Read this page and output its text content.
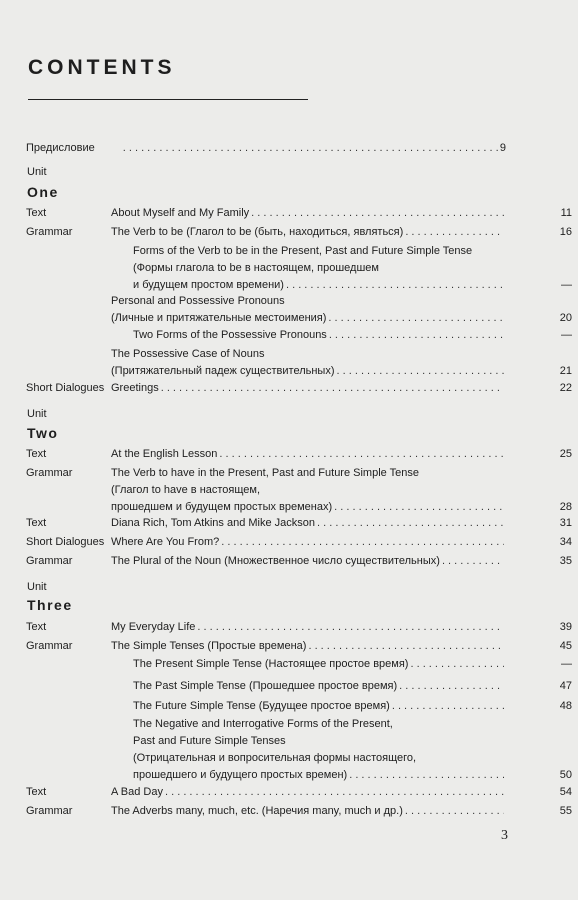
CONTENTS
Предисловие . . .	9
Unit
One
Text	About Myself and My Family . . .	11
Grammar	The Verb to be (Глагол to be (быть, находиться, являться) . . .	16
Forms of the Verb to be in the Present, Past and Future Simple Tense
(Формы глагола to be в настоящем, прошедшем
и будущем простом времени) . . .	—
Personal and Possessive Pronouns
(Личные и притяжательные местоимения) . . .	20
Two Forms of the Possessive Pronouns . . .	—
The Possessive Case of Nouns
(Притяжательный падеж существительных) . . .	21
Short Dialogues Greetings . . .	22
Unit
Two
Text	At the English Lesson . . .	25
Grammar	The Verb to have in the Present, Past and Future Simple Tense
(Глагол to have в настоящем,
прошедшем и будущем простых временах) . . .	28
Text	Diana Rich, Tom Atkins and Mike Jackson . . .	31
Short Dialogues Where Are You From? . . .	34
Grammar	The Plural of the Noun (Множественное число существительных) . . .	35
Unit
Three
Text	My Everyday Life . . .	39
Grammar	The Simple Tenses (Простые времена) . . .	45
The Present Simple Tense (Настоящее простое время) . . .	—
The Past Simple Tense (Прошедшее простое время) . . .	47
The Future Simple Tense (Будущее простое время) . . .	48
The Negative and Interrogative Forms of the Present,
Past and Future Simple Tenses
(Отрицательная и вопросительная формы настоящего,
прошедшего и будущего простых времен) . . .	50
Text	A Bad Day . . .	54
Grammar	The Adverbs many, much, etc. (Наречия many, much и др.) . . .	55
3
